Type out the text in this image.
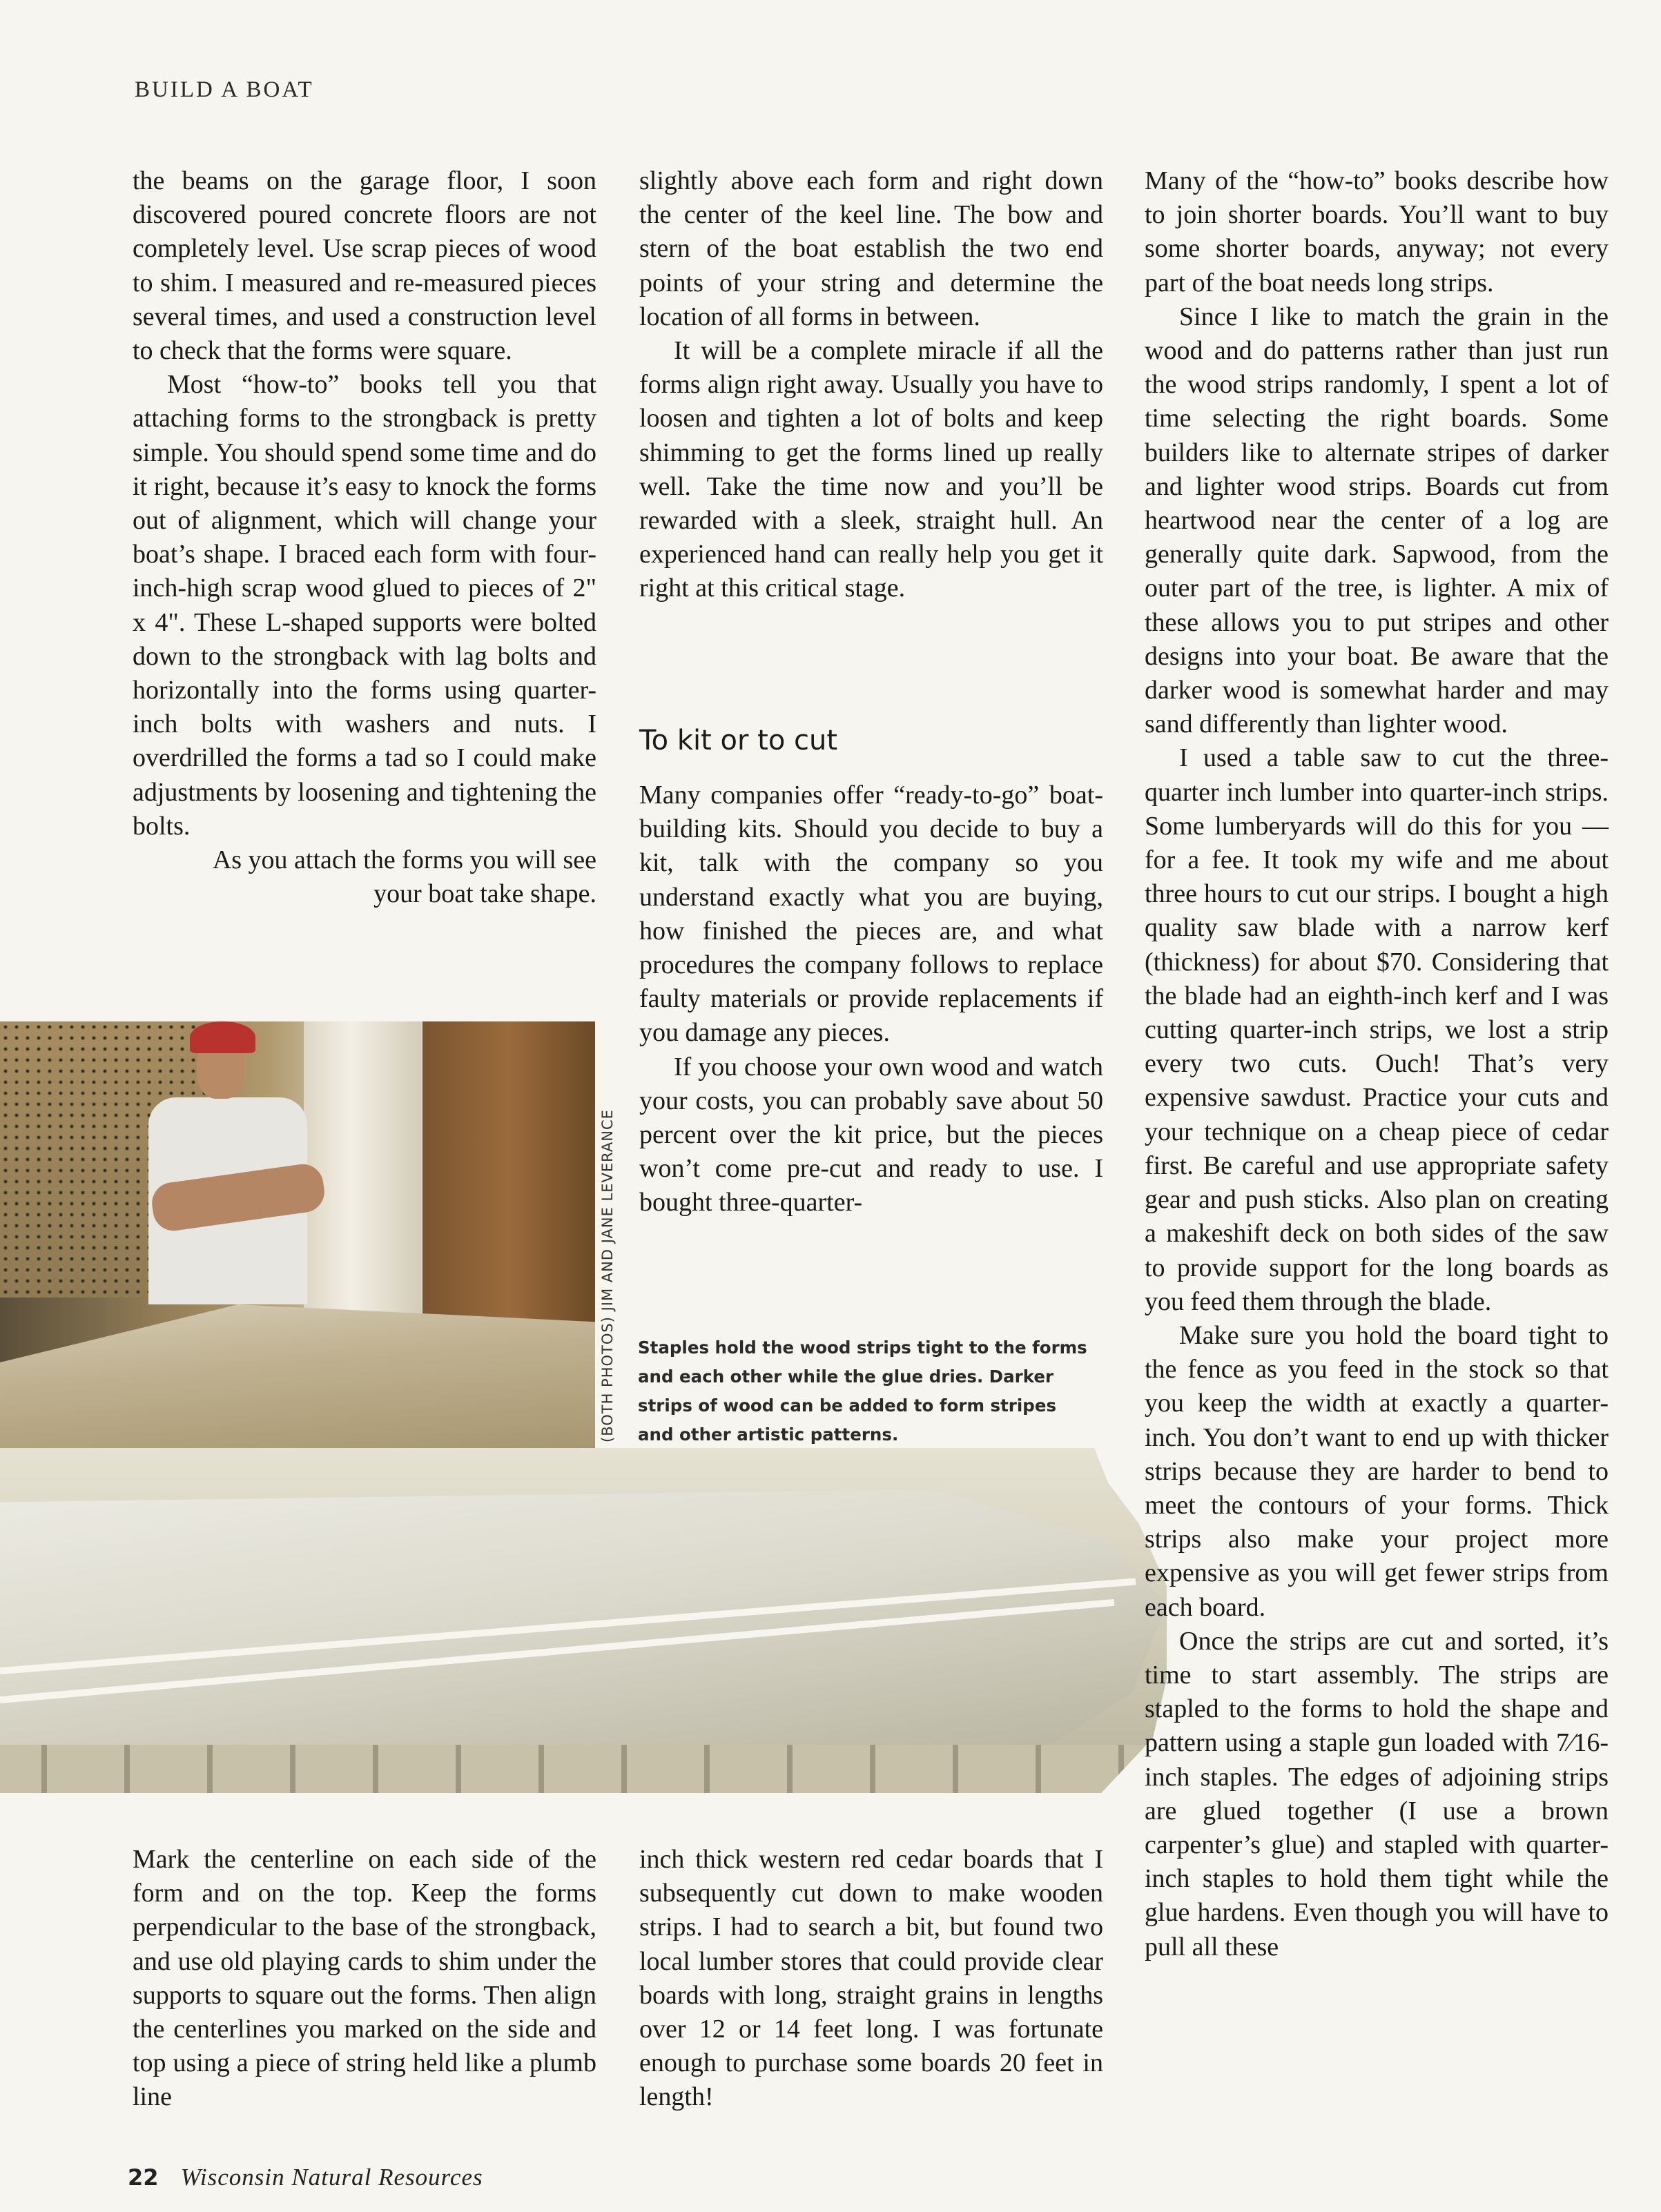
BUILD A BOAT

the beams on the garage floor, I soon discovered poured concrete floors are not completely level. Use scrap pieces of wood to shim. I measured and re-measured pieces several times, and used a construction level to check that the forms were square.

Most “how-to” books tell you that attaching forms to the strongback is pretty simple. You should spend some time and do it right, because it’s easy to knock the forms out of alignment, which will change your boat’s shape. I braced each form with four-inch-high scrap wood glued to pieces of 2" x 4". These L-shaped supports were bolted down to the strongback with lag bolts and horizontally into the forms using quarter-inch bolts with washers and nuts. I overdrilled the forms a tad so I could make adjustments by loosening and tightening the bolts.

As you attach the forms you will see your boat take shape.

slightly above each form and right down the center of the keel line. The bow and stern of the boat establish the two end points of your string and determine the location of all forms in between.

It will be a complete miracle if all the forms align right away. Usually you have to loosen and tighten a lot of bolts and keep shimming to get the forms lined up really well. Take the time now and you’ll be rewarded with a sleek, straight hull. An experienced hand can really help you get it right at this critical stage.

To kit or to cut

Many companies offer “ready-to-go” boat-building kits. Should you decide to buy a kit, talk with the company so you understand exactly what you are buying, how finished the pieces are, and what procedures the company follows to replace faulty materials or provide replacements if you damage any pieces.

If you choose your own wood and watch your costs, you can probably save about 50 percent over the kit price, but the pieces won’t come pre-cut and ready to use. I bought three-quarter-

(BOTH PHOTOS) JIM AND JANE LEVERANCE Staples hold the wood strips tight to the forms and each other while the glue dries. Darker strips of wood can be added to form stripes and other artistic patterns.

Many of the “how-to” books describe how to join shorter boards. You’ll want to buy some shorter boards, anyway; not every part of the boat needs long strips.

Since I like to match the grain in the wood and do patterns rather than just run the wood strips randomly, I spent a lot of time selecting the right boards. Some builders like to alternate stripes of darker and lighter wood strips. Boards cut from heartwood near the center of a log are generally quite dark. Sapwood, from the outer part of the tree, is lighter. A mix of these allows you to put stripes and other designs into your boat. Be aware that the darker wood is somewhat harder and may sand differently than lighter wood.

I used a table saw to cut the three-quarter inch lumber into quarter-inch strips. Some lumberyards will do this for you — for a fee. It took my wife and me about three hours to cut our strips. I bought a high quality saw blade with a narrow kerf (thickness) for about $70. Considering that the blade had an eighth-inch kerf and I was cutting quarter-inch strips, we lost a strip every two cuts. Ouch! That’s very expensive sawdust. Practice your cuts and your technique on a cheap piece of cedar first. Be careful and use appropriate safety gear and push sticks. Also plan on creating a makeshift deck on both sides of the saw to provide support for the long boards as you feed them through the blade.

Make sure you hold the board tight to the fence as you feed in the stock so that you keep the width at exactly a quarter-inch. You don’t want to end up with thicker strips because they are harder to bend to meet the contours of your forms. Thick strips also make your project more expensive as you will get fewer strips from each board.

Once the strips are cut and sorted, it’s time to start assembly. The strips are stapled to the forms to hold the shape and pattern using a staple gun loaded with 7⁄16-inch staples. The edges of adjoining strips are glued together (I use a brown carpenter’s glue) and stapled with quarter-inch staples to hold them tight while the glue hardens. Even though you will have to pull all these

Mark the centerline on each side of the form and on the top. Keep the forms perpendicular to the base of the strongback, and use old playing cards to shim under the supports to square out the forms. Then align the centerlines you marked on the side and top using a piece of string held like a plumb line

inch thick western red cedar boards that I subsequently cut down to make wooden strips. I had to search a bit, but found two local lumber stores that could provide clear boards with long, straight grains in lengths over 12 or 14 feet long. I was fortunate enough to purchase some boards 20 feet in length!

22 Wisconsin Natural Resources
